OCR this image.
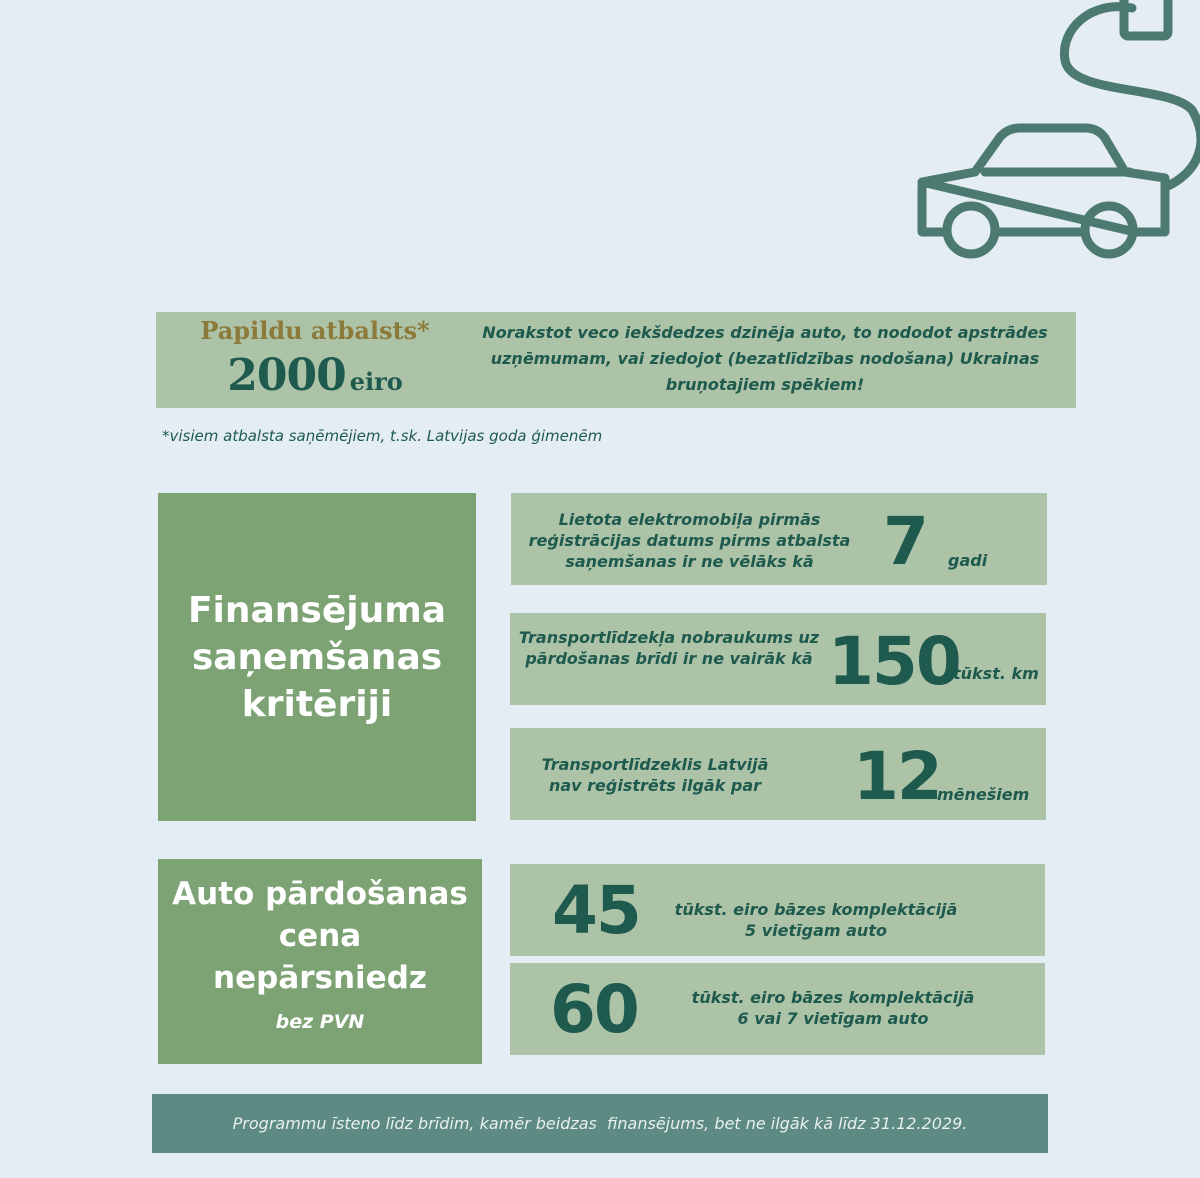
Papildu atbalsts*
2000 eiro
Norakstot veco iekšdedzes dzinēja auto, to nododot apstrādes uzņēmumam, vai ziedojot (bezatlīdzības nodošana) Ukrainas bruņotajiem spēkiem!
*visiem atbalsta saņēmējiem, t.sk. Latvijas goda ģimenēm
Finansējuma saņemšanas kritēriji
Lietota elektromobiļa pirmās reģistrācijas datums pirms atbalsta saņemšanas ir ne vēlāks kā	7 gadi
Transportlīdzekļa nobraukums uz pārdošanas brīdi ir ne vairāk kā 150
tūkst. km
Transportlīdzeklis Latvijā nav reģistrēts ilgāk par 12
mēnešiem
Auto pārdošanas cena nepārsniedz
bez PVN
45 tūkst. eiro bāzes komplektācijā 5 vietīgam auto
60	tūkst. eiro bāzes komplektācijā 6 vai 7 vietīgam auto
Programmu īsteno līdz brīdim, kamēr beidzas  finansējums, bet ne ilgāk kā līdz 31.12.2029.
